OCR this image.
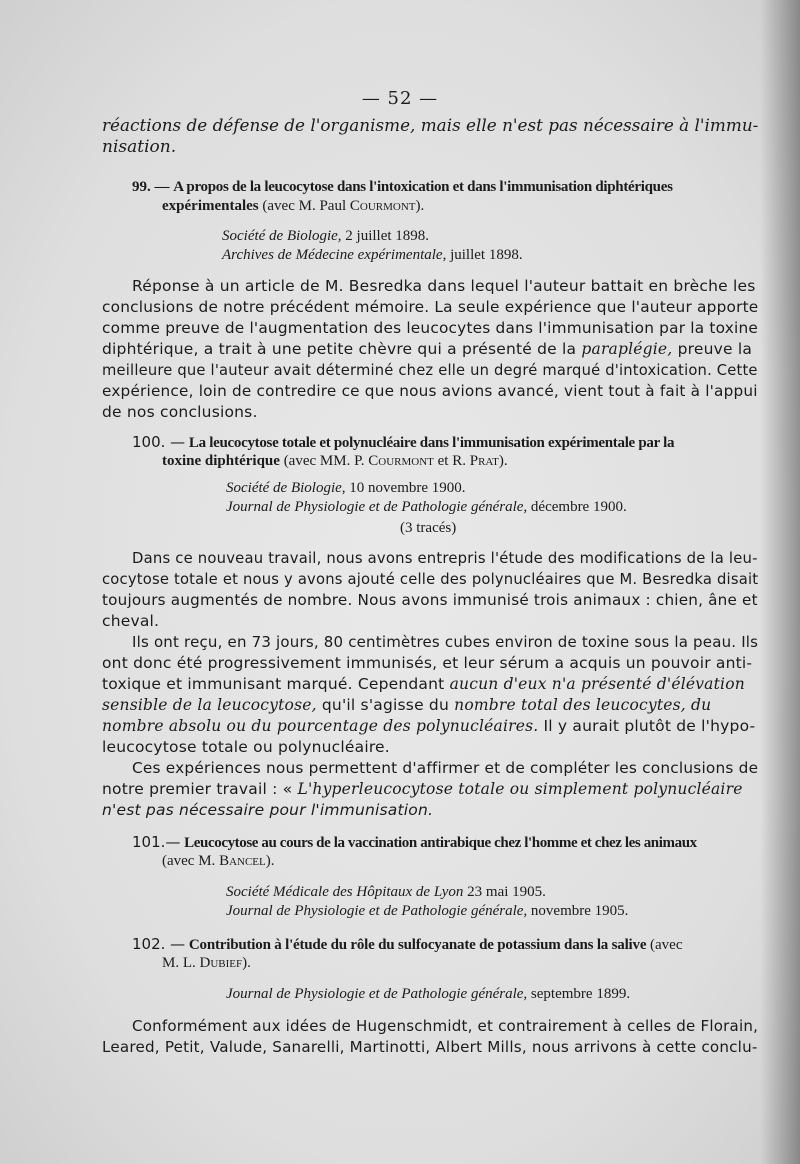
— 52 —
réactions de défense de l'organisme, mais elle n'est pas nécessaire à l'immu-
nisation.
99. — A propos de la leucocytose dans l'intoxication et dans l'immunisation diphtériques
expérimentales (avec M. Paul Courmont).
Société de Biologie, 2 juillet 1898.
Archives de Médecine expérimentale, juillet 1898.
Réponse à un article de M. Besredka dans lequel l'auteur battait en brèche les
conclusions de notre précédent mémoire. La seule expérience que l'auteur apporte
comme preuve de l'augmentation des leucocytes dans l'immunisation par la toxine
diphtérique, a trait à une petite chèvre qui a présenté de la paraplégie, preuve la
meilleure que l'auteur avait déterminé chez elle un degré marqué d'intoxication. Cette
expérience, loin de contredire ce que nous avions avancé, vient tout à fait à l'appui
de nos conclusions.
100. — La leucocytose totale et polynucléaire dans l'immunisation expérimentale par la
toxine diphtérique (avec MM. P. Courmont et R. Prat).
Société de Biologie, 10 novembre 1900.
Journal de Physiologie et de Pathologie générale, décembre 1900.
(3 tracés)
Dans ce nouveau travail, nous avons entrepris l'étude des modifications de la leu-
cocytose totale et nous y avons ajouté celle des polynucléaires que M. Besredka disait
toujours augmentés de nombre. Nous avons immunisé trois animaux : chien, âne et
cheval.
Ils ont reçu, en 73 jours, 80 centimètres cubes environ de toxine sous la peau. Ils
ont donc été progressivement immunisés, et leur sérum a acquis un pouvoir anti-
toxique et immunisant marqué. Cependant aucun d'eux n'a présenté d'élévation
sensible de la leucocytose, qu'il s'agisse du nombre total des leucocytes, du
nombre absolu ou du pourcentage des polynucléaires. Il y aurait plutôt de l'hypo-
leucocytose totale ou polynucléaire.
Ces expériences nous permettent d'affirmer et de compléter les conclusions de
notre premier travail : « L'hyperleucocytose totale ou simplement polynucléaire
n'est pas nécessaire pour l'immunisation.
101.— Leucocytose au cours de la vaccination antirabique chez l'homme et chez les animaux
(avec M. Bancel).
Société Médicale des Hôpitaux de Lyon 23 mai 1905.
Journal de Physiologie et de Pathologie générale, novembre 1905.
102. — Contribution à l'étude du rôle du sulfocyanate de potassium dans la salive (avec
M. L. Dubief).
Journal de Physiologie et de Pathologie générale, septembre 1899.
Conformément aux idées de Hugenschmidt, et contrairement à celles de Florain,
Leared, Petit, Valude, Sanarelli, Martinotti, Albert Mills, nous arrivons à cette conclu-
